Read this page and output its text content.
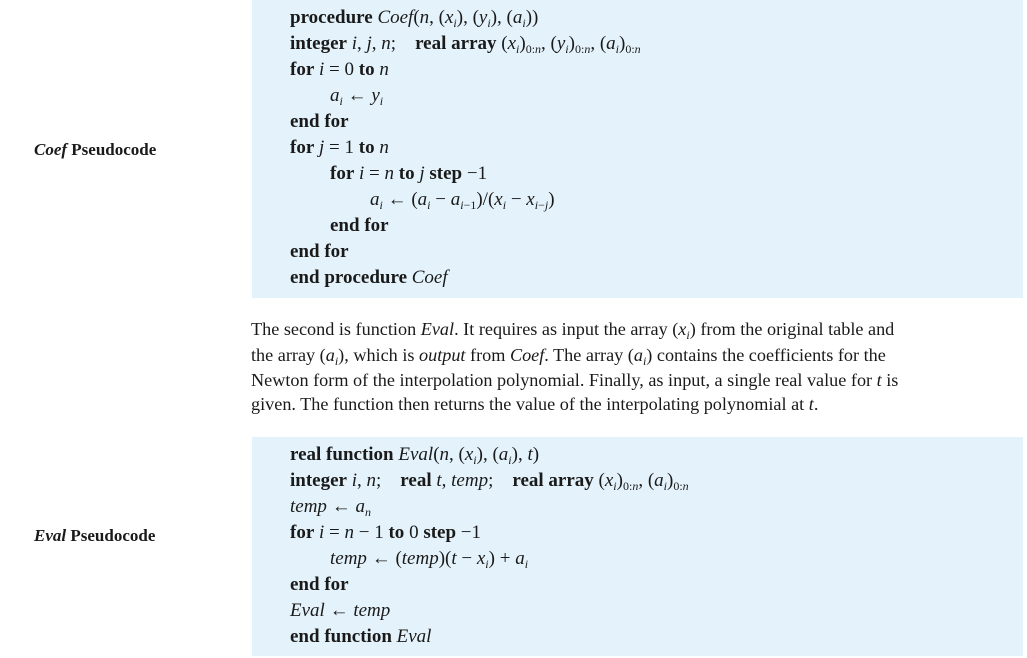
Coef Pseudocode
procedure Coef(n, $(x_i)$, $(y_i)$, $(a_i)$)
integer i, j, n;    real array $(x_i)_{0:n}$, $(y_i)_{0:n}$, $(a_i)_{0:n}$
for i = 0 to n
$a_i$ ← $y_i$
end for
for j = 1 to n
for i = n to j step −1
$a_i$ ← $(a_i - a_{i-1})/(x_i - x_{i-j})$
end for
end for
end procedure Coef
The second is function Eval. It requires as input the array $(x_i)$ from the original table and
the array $(a_i)$, which is output from Coef. The array $(a_i)$ contains the coefficients for the
Newton form of the interpolation polynomial. Finally, as input, a single real value for t is
given. The function then returns the value of the interpolating polynomial at t.
Eval Pseudocode
real function Eval(n, $(x_i)$, $(a_i)$, t)
integer i, n;    real t, temp;    real array $(x_i)_{0:n}$, $(a_i)_{0:n}$
temp ← $a_n$
for i = n − 1 to 0 step −1
temp ← (temp)(t − $x_i) + a_i$
end for
Eval ← temp
end function Eval
